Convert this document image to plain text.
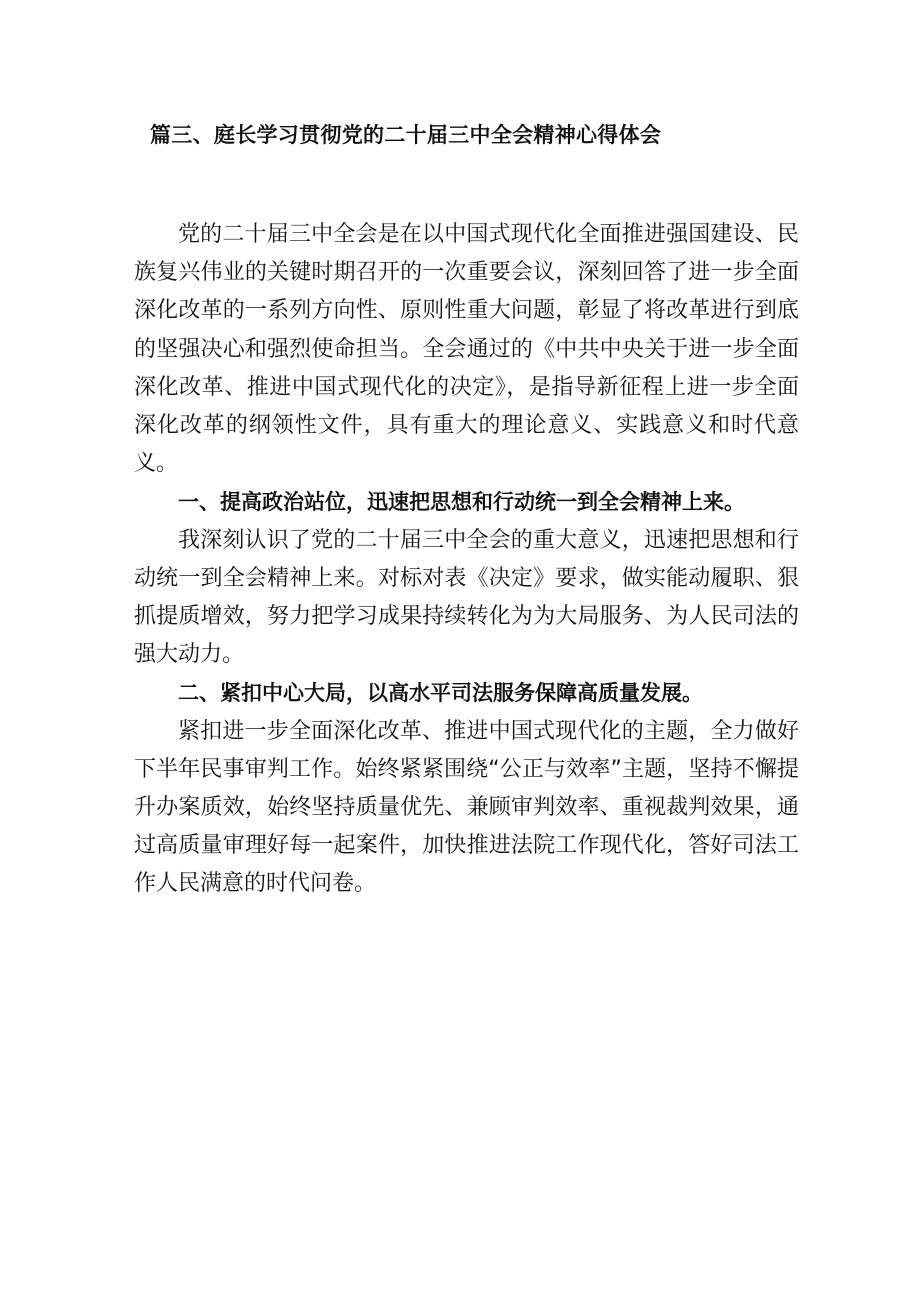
篇三、庭长学习贯彻党的二十届三中全会精神心得体会

党的二十届三中全会是在以中国式现代化全面推进强国建设、民族复兴伟业的关键时期召开的一次重要会议，深刻回答了进一步全面深化改革的一系列方向性、原则性重大问题，彰显了将改革进行到底的坚强决心和强烈使命担当。全会通过的《中共中央关于进一步全面深化改革、推进中国式现代化的决定》，是指导新征程上进一步全面深化改革的纲领性文件，具有重大的理论意义、实践意义和时代意义。

一、提高政治站位，迅速把思想和行动统一到全会精神上来。

我深刻认识了党的二十届三中全会的重大意义，迅速把思想和行动统一到全会精神上来。对标对表《决定》要求，做实能动履职、狠抓提质增效，努力把学习成果持续转化为为大局服务、为人民司法的强大动力。

二、紧扣中心大局，以高水平司法服务保障高质量发展。

紧扣进一步全面深化改革、推进中国式现代化的主题，全力做好下半年民事审判工作。始终紧紧围绕“公正与效率”主题，坚持不懈提升办案质效，始终坚持质量优先、兼顾审判效率、重视裁判效果，通过高质量审理好每一起案件，加快推进法院工作现代化，答好司法工作人民满意的时代问卷。
